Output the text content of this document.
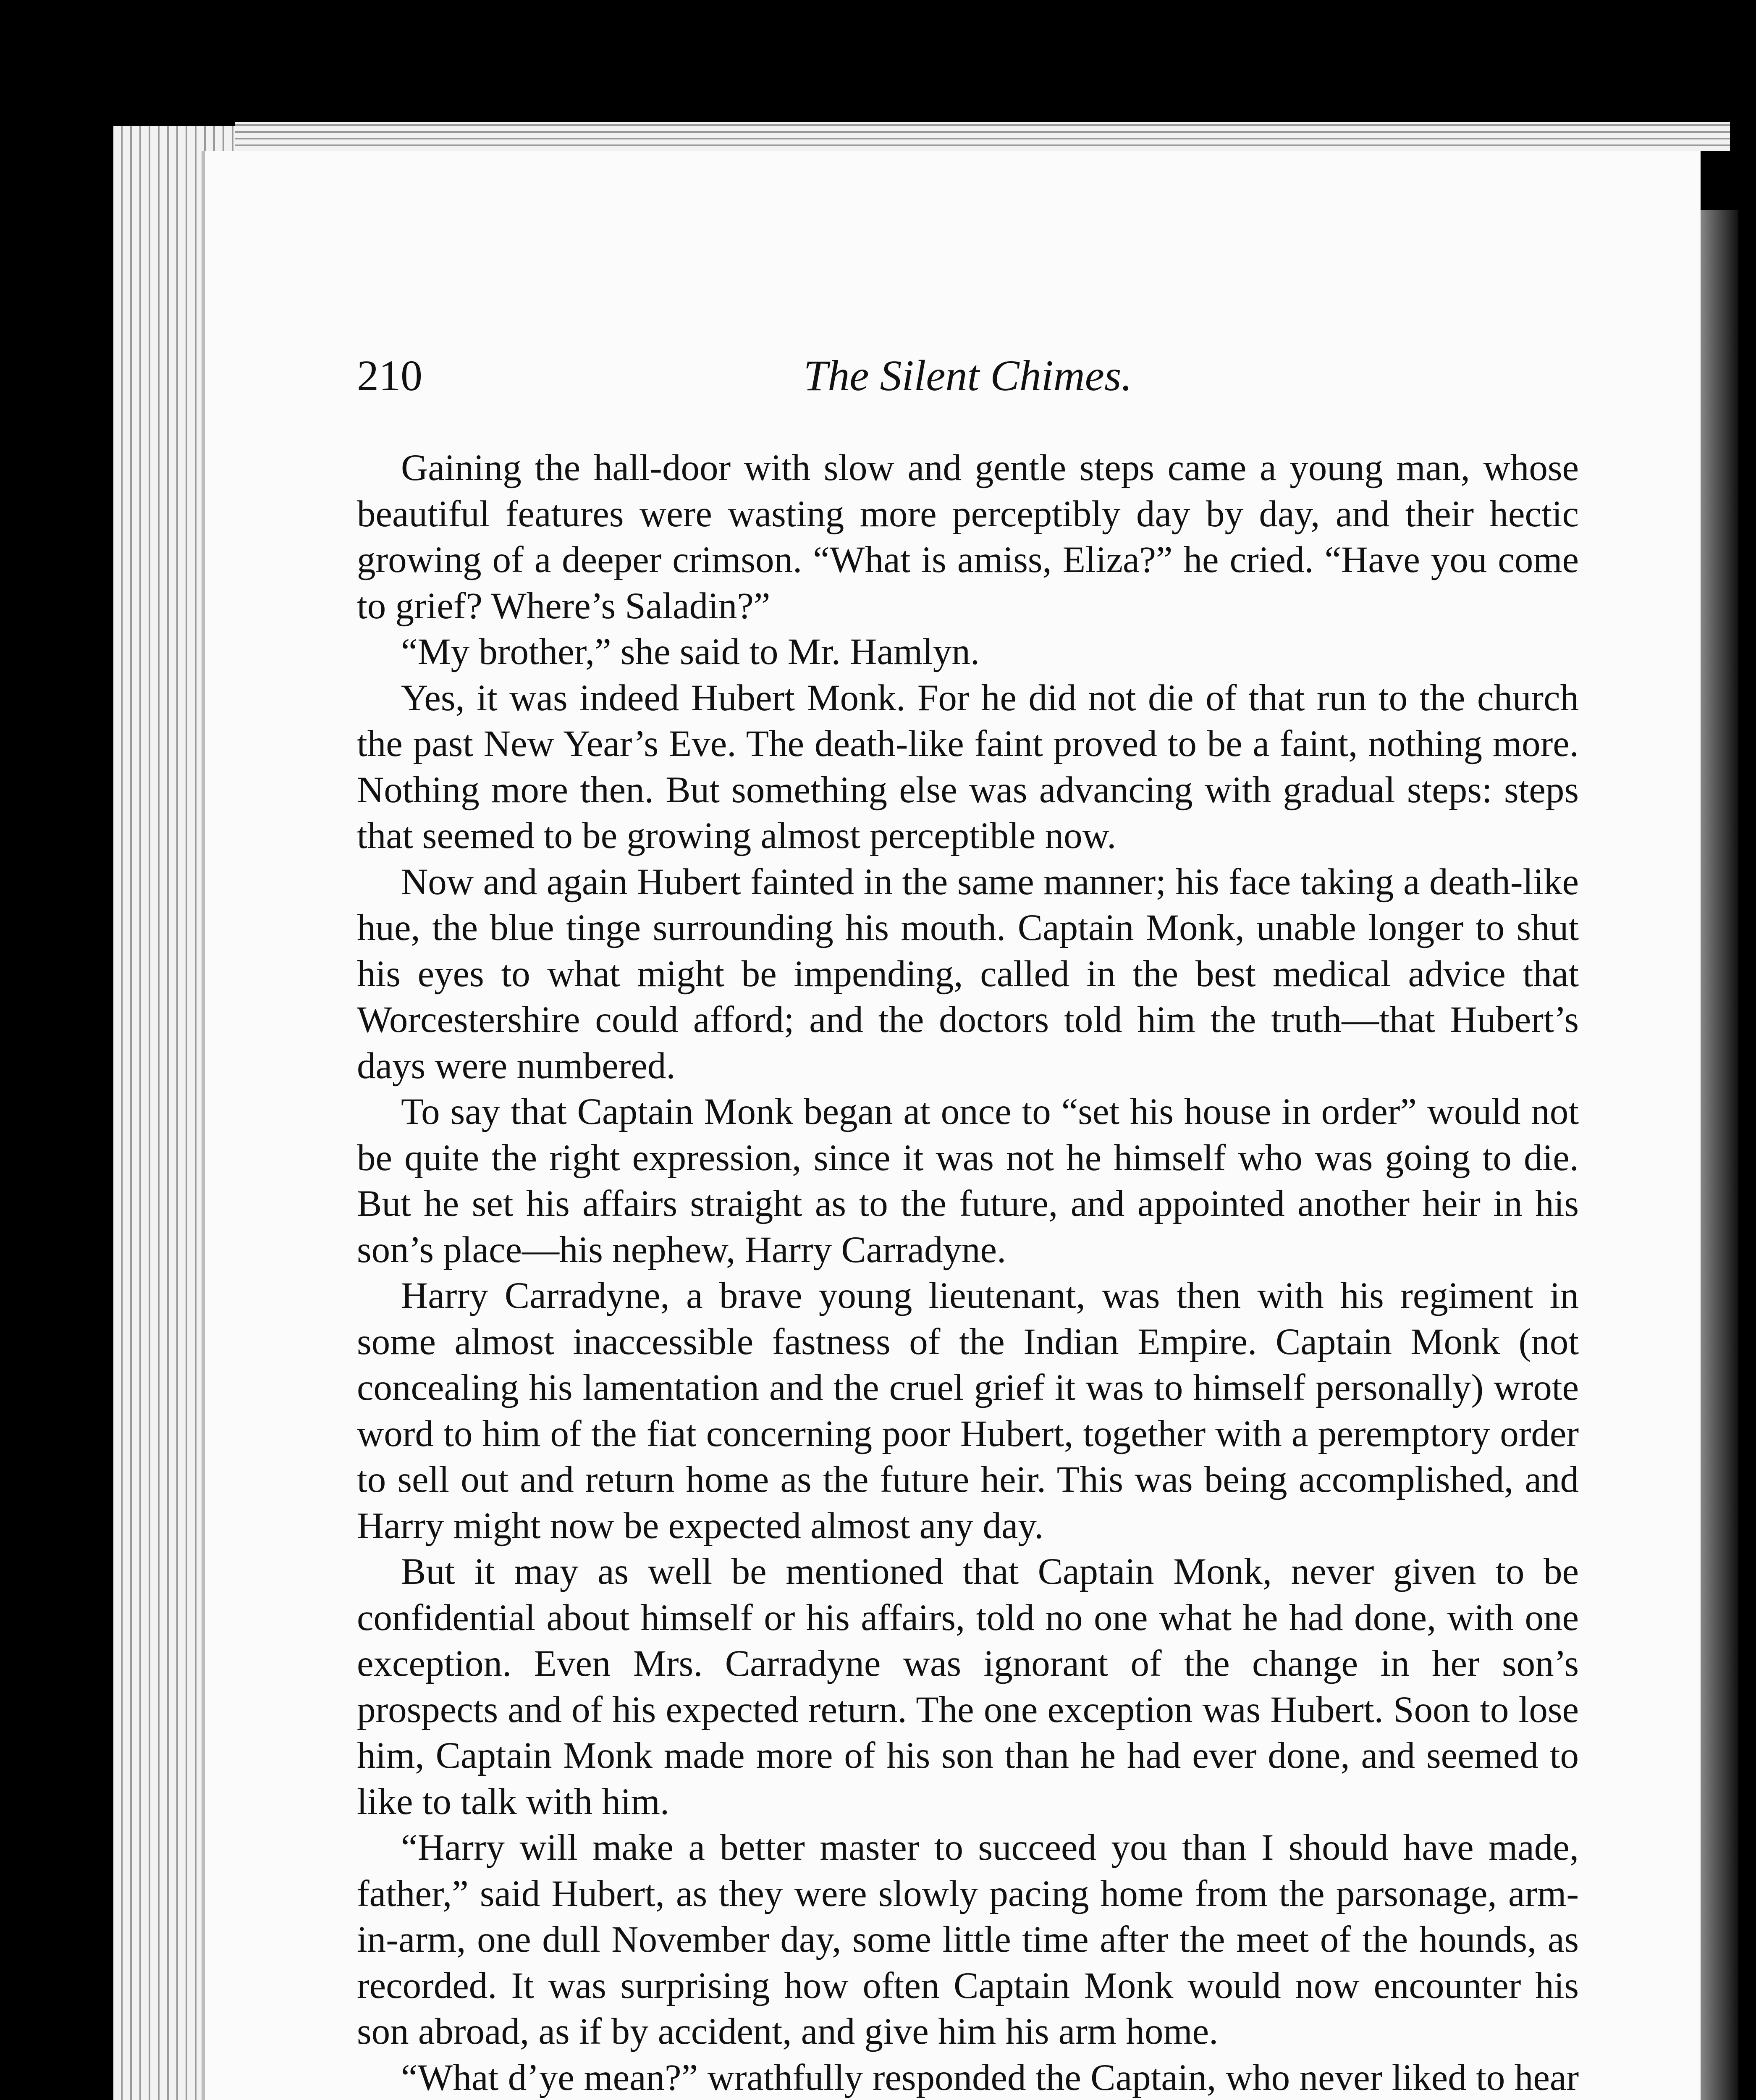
210	The Silent Chimes.

Gaining the hall-door with slow and gentle steps came a young man, whose beautiful features were wasting more perceptibly day by day, and their hectic growing of a deeper crimson. “What is amiss, Eliza?” he cried. “Have you come to grief? Where’s Saladin?”

“My brother,” she said to Mr. Hamlyn.

Yes, it was indeed Hubert Monk. For he did not die of that run to the church the past New Year’s Eve. The death-like faint proved to be a faint, nothing more. Nothing more then. But something else was advancing with gradual steps: steps that seemed to be growing almost perceptible now.

Now and again Hubert fainted in the same manner; his face taking a death-like hue, the blue tinge surrounding his mouth. Captain Monk, unable longer to shut his eyes to what might be impending, called in the best medical advice that Worcestershire could afford; and the doctors told him the truth—that Hubert’s days were numbered.

To say that Captain Monk began at once to “set his house in order” would not be quite the right expression, since it was not he himself who was going to die. But he set his affairs straight as to the future, and appointed another heir in his son’s place—his nephew, Harry Carradyne.

Harry Carradyne, a brave young lieutenant, was then with his regiment in some almost inaccessible fastness of the Indian Empire. Captain Monk (not concealing his lamentation and the cruel grief it was to himself personally) wrote word to him of the fiat concerning poor Hubert, together with a peremptory order to sell out and return home as the future heir. This was being accomplished, and Harry might now be expected almost any day.

But it may as well be mentioned that Captain Monk, never given to be confidential about himself or his affairs, told no one what he had done, with one exception. Even Mrs. Carradyne was ignorant of the change in her son’s prospects and of his expected return. The one exception was Hubert. Soon to lose him, Captain Monk made more of his son than he had ever done, and seemed to like to talk with him.

“Harry will make a better master to succeed you than I should have made, father,” said Hubert, as they were slowly pacing home from the parsonage, arm-in-arm, one dull November day, some little time after the meet of the hounds, as recorded. It was surprising how often Captain Monk would now encounter his son abroad, as if by accident, and give him his arm home.

“What d’ye mean?” wrathfully responded the Captain, who never liked to hear
